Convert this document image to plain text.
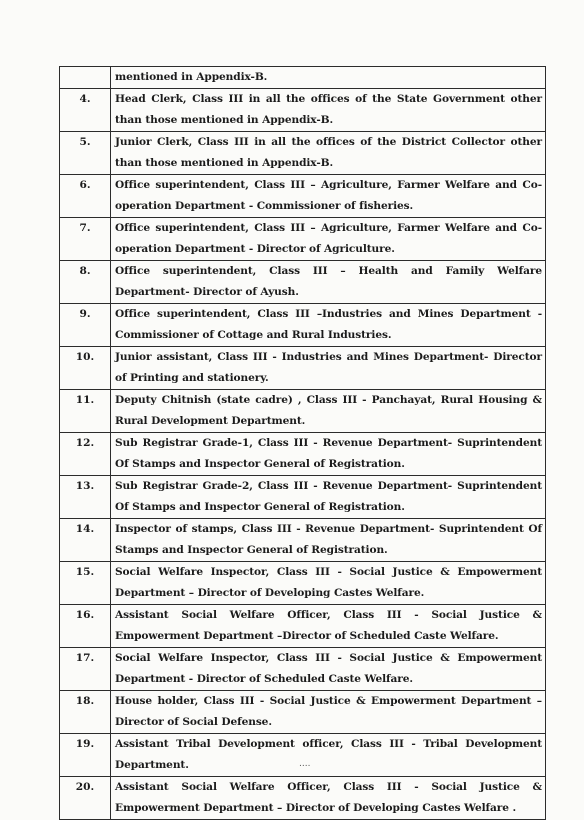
	mentioned in Appendix-B.
4.	Head Clerk, Class III in all the offices of the State Government other than those mentioned in Appendix-B.
5.	Junior Clerk, Class III in all the offices of the District Collector other than those mentioned in Appendix-B.
6.	Office superintendent, Class III – Agriculture, Farmer Welfare and Co-operation Department - Commissioner of fisheries.
7.	Office superintendent, Class III – Agriculture, Farmer Welfare and Co-operation Department - Director of Agriculture.
8.	Office superintendent, Class III – Health and Family Welfare Department- Director of Ayush.
9.	Office superintendent, Class III –Industries and Mines Department - Commissioner of Cottage and Rural Industries.
10.	Junior assistant, Class III - Industries and Mines Department- Director of Printing and stationery.
11.	Deputy Chitnish (state cadre) , Class III - Panchayat, Rural Housing & Rural Development Department.
12.	Sub Registrar Grade-1, Class III - Revenue Department- Suprintendent Of Stamps and Inspector General of Registration.
13.	Sub Registrar Grade-2, Class III - Revenue Department- Suprintendent Of Stamps and Inspector General of Registration.
14.	Inspector of stamps, Class III - Revenue Department- Suprintendent Of Stamps and Inspector General of Registration.
15.	Social Welfare Inspector, Class III - Social Justice & Empowerment Department – Director of Developing Castes Welfare.
16.	Assistant Social Welfare Officer, Class III - Social Justice & Empowerment Department –Director of Scheduled Caste Welfare.
17.	Social Welfare Inspector, Class III - Social Justice & Empowerment Department - Director of Scheduled Caste Welfare.
18.	House holder, Class III - Social Justice & Empowerment Department – Director of Social Defense.
19.	Assistant Tribal Development officer, Class III - Tribal Development Department.
20.	Assistant Social Welfare Officer, Class III - Social Justice & Empowerment Department – Director of Developing Castes Welfare .
....
